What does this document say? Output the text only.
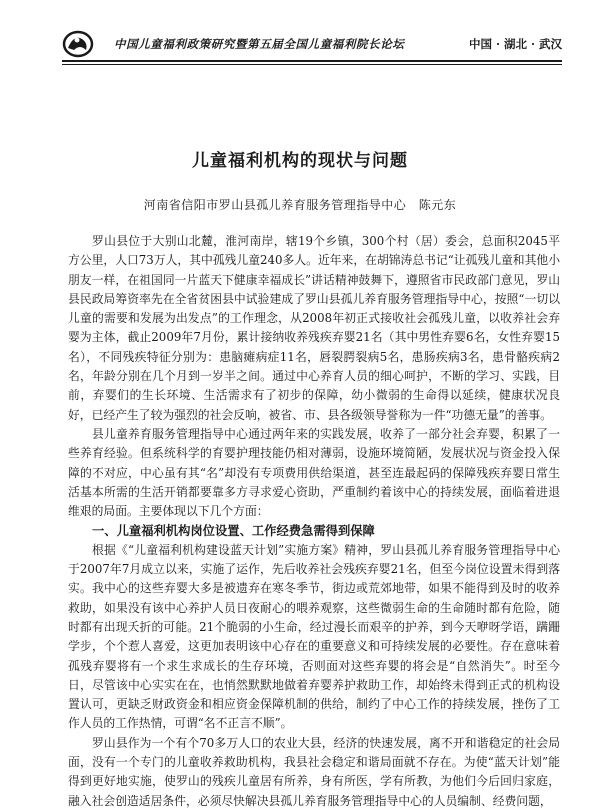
中国儿童福利政策研究暨第五届全国儿童福利院长论坛	中国 · 湖北 · 武汉
儿童福利机构的现状与问题
河南省信阳市罗山县孤儿养育服务管理指导中心　陈元东

罗山县位于大别山北麓，淮河南岸，辖19个乡镇，300个村（居）委会，总面积2045平方公里，人口73万人，其中孤残儿童240多人。近年来，在胡锦涛总书记“让孤残儿童和其他小朋友一样，在祖国同一片蓝天下健康幸福成长”讲话精神鼓舞下，遵照省市民政部门意见，罗山县民政局筹资率先在全省贫困县中试验建成了罗山县孤儿养育服务管理指导中心，按照“一切以儿童的需要和发展为出发点”的工作理念，从2008年初正式接收社会孤残儿童，以收养社会弃婴为主体，截止2009年7月份，累计接纳收养残疾弃婴21名（其中男性弃婴6名，女性弃婴15名），不同残疾特征分别为：患脑瘫病症11名，唇裂腭裂病5名，患肠疾病3名，患骨骼疾病2名，年龄分别在几个月到一岁半之间。通过中心养育人员的细心呵护，不断的学习、实践，目前，弃婴们的生长环境、生活需求有了初步的保障，幼小微弱的生命得以延续，健康状况良好，已经产生了较为强烈的社会反响，被省、市、县各级领导誉称为一件“功德无量”的善事。

县儿童养育服务管理指导中心通过两年来的实践发展，收养了一部分社会弃婴，积累了一些养育经验。但系统科学的育婴护理技能仍相对薄弱，设施环境简陋，发展状况与资金投入保障的不对应，中心虽有其“名”却没有专项费用供给渠道，甚至连最起码的保障残疾弃婴日常生活基本所需的生活开销都要靠多方寻求爱心资助，严重制约着该中心的持续发展，面临着进退维艰的局面。主要体现以下几个方面：

一、儿童福利机构岗位设置、工作经费急需得到保障

根据《“儿童福利机构建设蓝天计划”实施方案》精神，罗山县孤儿养育服务管理指导中心于2007年7月成立以来，实施了运作，先后收养社会残疾弃婴21名，但至今岗位设置未得到落实。我中心的这些弃婴大多是被遗弃在寒冬季节，街边或荒郊地带，如果不能得到及时的收养救助，如果没有该中心养护人员日夜耐心的喂养观察，这些微弱生命的生命随时都有危险，随时都有出现夭折的可能。21个脆弱的小生命，经过漫长而艰辛的护养，到今天咿呀学语，蹒跚学步，个个惹人喜爱，这更加表明该中心存在的重要意义和可持续发展的必要性。存在意味着孤残弃婴将有一个求生求成长的生存环境，否则面对这些弃婴的将会是“自然消失”。时至今日，尽管该中心实实在在，也悄然默默地做着弃婴养护救助工作，却始终未得到正式的机构设置认可，更缺乏财政资金和相应资金保障机制的供给，制约了中心工作的持续发展，挫伤了工作人员的工作热情，可谓“名不正言不顺”。

罗山县作为一个有个70多万人口的农业大县，经济的快速发展，离不开和谐稳定的社会局面，没有一个专门的儿童收养救助机构，我县社会稳定和谐局面就不存在。为使“蓝天计划”能得到更好地实施，使罗山的残疾儿童居有所养，身有所医，学有所教，为他们今后回归家庭，融入社会创造适居条件，必须尽快解决县孤儿养育服务管理指导中心的人员编制、经费问题，
